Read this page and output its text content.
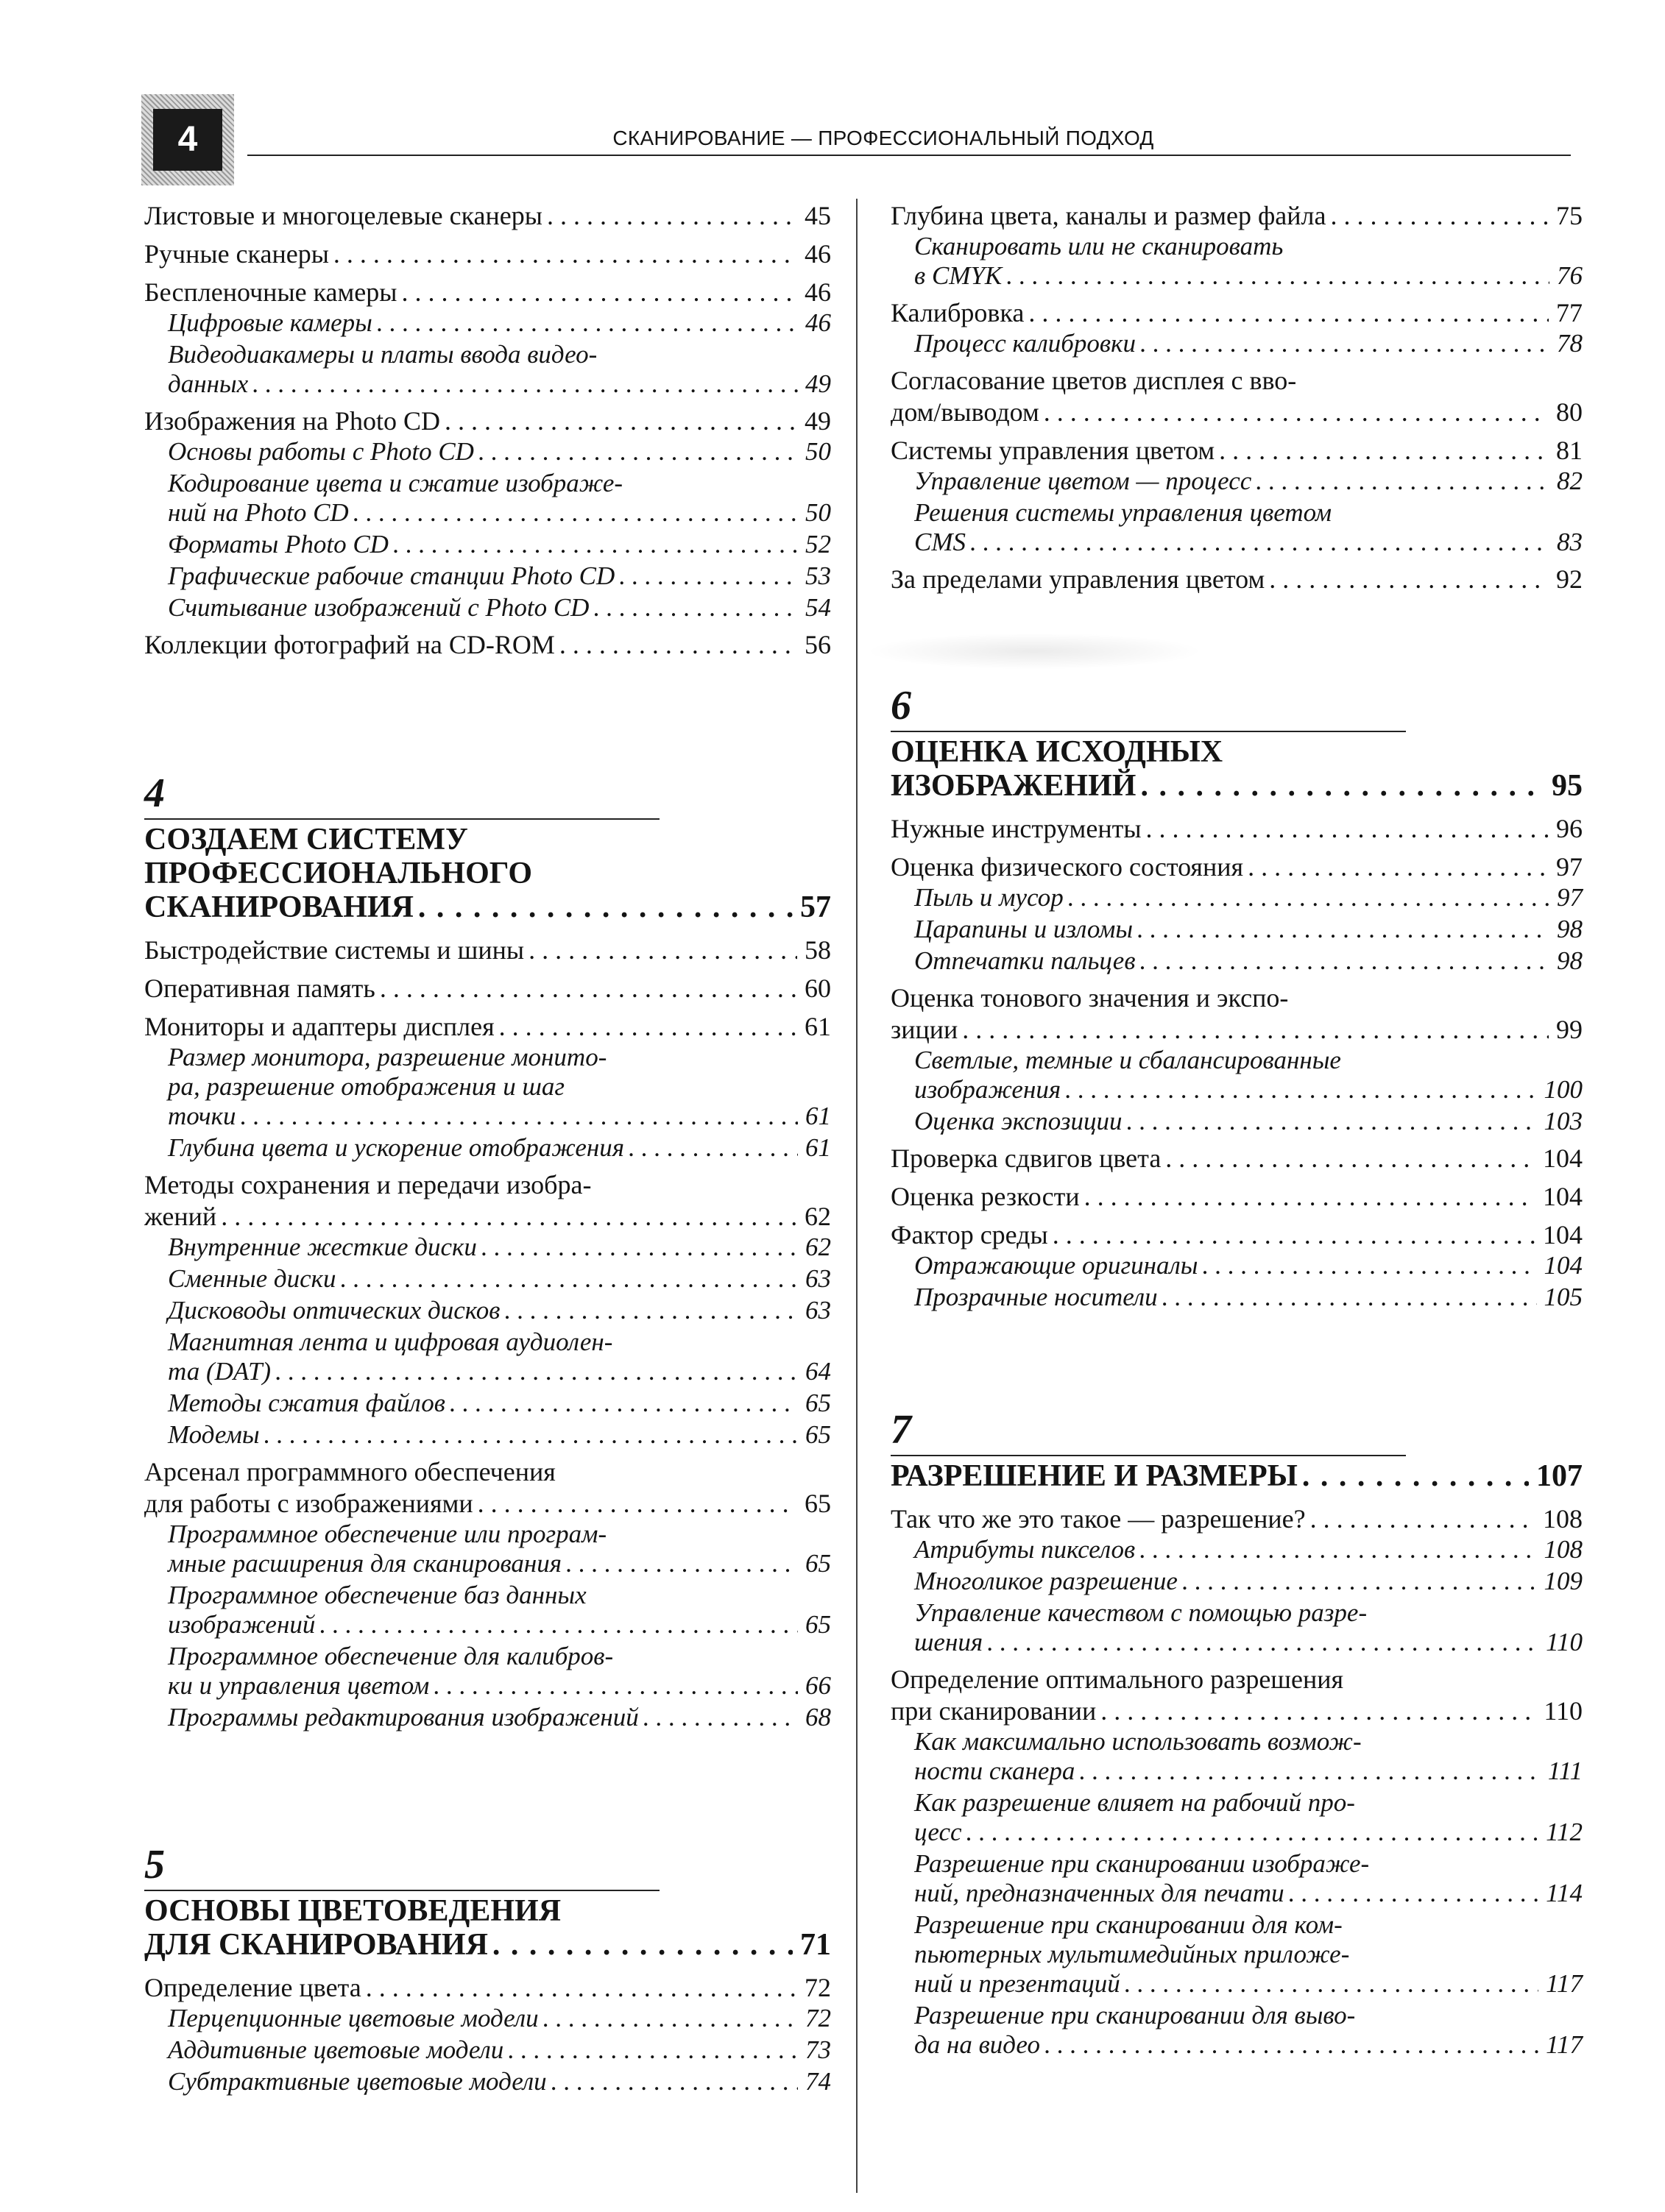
4	СКАНИРОВАНИЕ — ПРОФЕССИОНАЛЬНЫЙ ПОДХОД
Листовые и многоцелевые сканеры . . .	45
Ручные сканеры . . .	46
Беспленочные камеры . . .	46
Цифровые камеры . . .	46
Видеодиакамеры и платы ввода видео-
данных . . .	49
Изображения на Photo CD . . .	49
Основы работы с Photo CD . . .	50
Кодирование цвета и сжатие изображе-
ний на Photo CD . . .	50
Форматы Photo CD . . .	52
Графические рабочие станции Photo CD . . .	53
Считывание изображений с Photo CD . . .	54
Коллекции фотографий на CD-ROM . . .	56
4
СОЗДАЕМ СИСТЕМУ
ПРОФЕССИОНАЛЬНОГО
СКАНИРОВАНИЯ . . .	57
Быстродействие системы и шины . . .	58
Оперативная память . . .	60
Мониторы и адаптеры дисплея . . .	61
Размер монитора, разрешение монито-
ра, разрешение отображения и шаг
точки . . .	61
Глубина цвета и ускорение отображения . . .	61
Методы сохранения и передачи изобра-
жений . . .	62
Внутренние жесткие диски . . .	62
Сменные диски . . .	63
Дисководы оптических дисков . . .	63
Магнитная лента и цифровая аудиолен-
та (DAT) . . .	64
Методы сжатия файлов . . .	65
Модемы . . .	65
Арсенал программного обеспечения
для работы с изображениями . . .	65
Программное обеспечение или програм-
мные расширения для сканирования . . .	65
Программное обеспечение баз данных
изображений . . .	65
Программное обеспечение для калибров-
ки и управления цветом . . .	66
Программы редактирования изображений . . .	68
5
ОСНОВЫ ЦВЕТОВЕДЕНИЯ
ДЛЯ СКАНИРОВАНИЯ . . .	71
Определение цвета . . .	72
Перцепционные цветовые модели . . .	72
Аддитивные цветовые модели . . .	73
Субтрактивные цветовые модели . . .	74
Глубина цвета, каналы и размер файла . . .	75
Сканировать или не сканировать
в CMYK . . .	76
Калибровка . . .	77
Процесс калибровки . . .	78
Согласование цветов дисплея с вво-
дом/выводом . . .	80
Системы управления цветом . . .	81
Управление цветом — процесс . . .	82
Решения системы управления цветом
CMS . . .	83
За пределами управления цветом . . .	92
6
ОЦЕНКА ИСХОДНЫХ
ИЗОБРАЖЕНИЙ . . .	95
Нужные инструменты . . .	96
Оценка физического состояния . . .	97
Пыль и мусор . . .	97
Царапины и изломы . . .	98
Отпечатки пальцев . . .	98
Оценка тонового значения и экспо-
зиции . . .	99
Светлые, темные и сбалансированные
изображения . . .	100
Оценка экспозиции . . .	103
Проверка сдвигов цвета . . .	104
Оценка резкости . . .	104
Фактор среды . . .	104
Отражающие оригиналы . . .	104
Прозрачные носители . . .	105
7
РАЗРЕШЕНИЕ И РАЗМЕРЫ . . .	107
Так что же это такое — разрешение? . . .	108
Атрибуты пикселов . . .	108
Многоликое разрешение . . .	109
Управление качеством с помощью разре-
шения . . .	110
Определение оптимального разрешения
при сканировании . . .	110
Как максимально использовать возмож-
ности сканера . . .	111
Как разрешение влияет на рабочий про-
цесс . . .	112
Разрешение при сканировании изображе-
ний, предназначенных для печати . . .	114
Разрешение при сканировании для ком-
пьютерных мультимедийных приложе-
ний и презентаций . . .	117
Разрешение при сканировании для выво-
да на видео . . .	117
